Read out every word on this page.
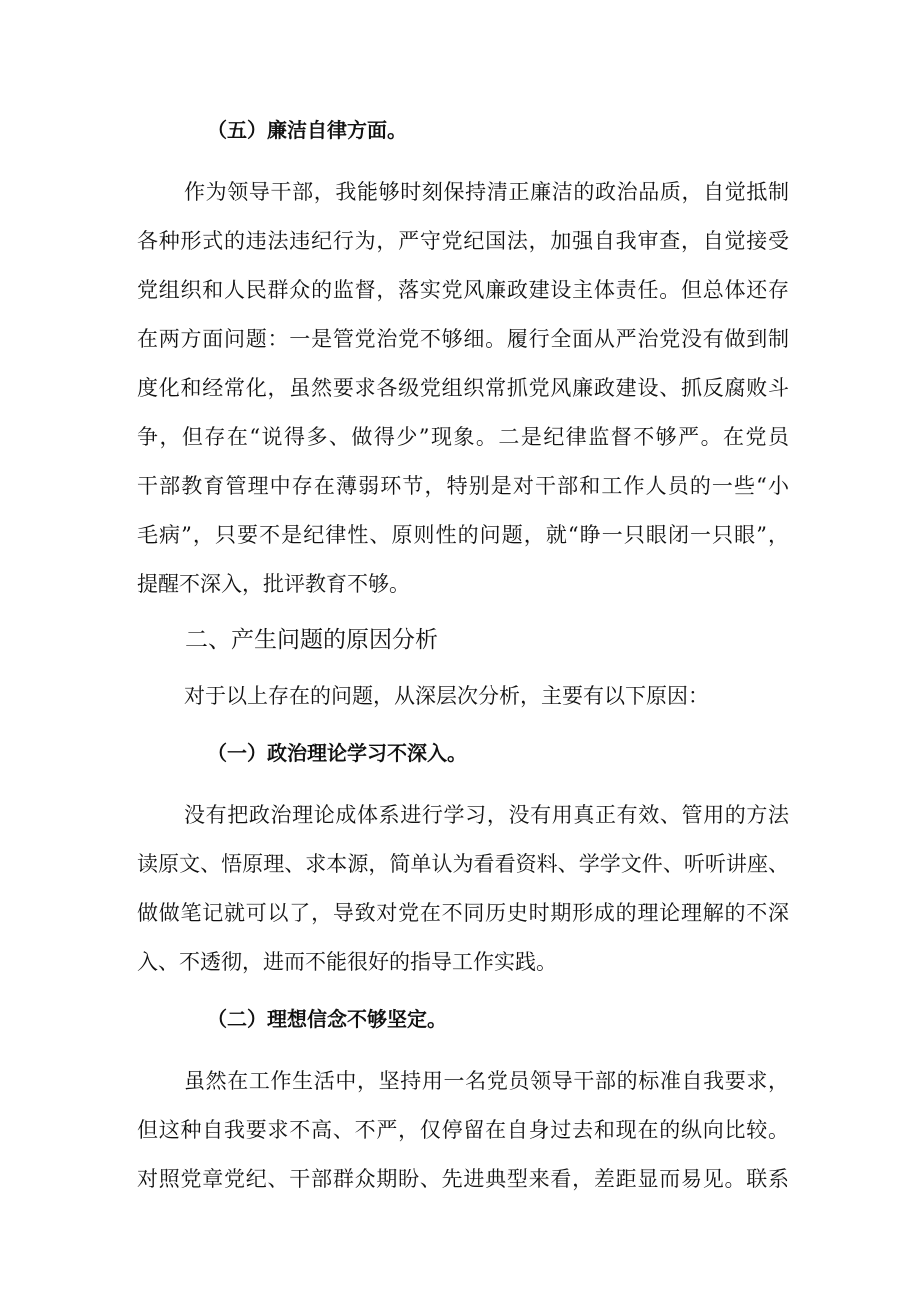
（五）廉洁自律方面。
作为领导干部，我能够时刻保持清正廉洁的政治品质，自觉抵制
各种形式的违法违纪行为，严守党纪国法，加强自我审查，自觉接受
党组织和人民群众的监督，落实党风廉政建设主体责任。但总体还存
在两方面问题：一是管党治党不够细。履行全面从严治党没有做到制
度化和经常化，虽然要求各级党组织常抓党风廉政建设、抓反腐败斗
争，但存在“说得多、做得少”现象。二是纪律监督不够严。在党员
干部教育管理中存在薄弱环节，特别是对干部和工作人员的一些“小
毛病”，只要不是纪律性、原则性的问题，就“睁一只眼闭一只眼”，
提醒不深入，批评教育不够。
二、产生问题的原因分析
对于以上存在的问题，从深层次分析，主要有以下原因：
（一）政治理论学习不深入。
没有把政治理论成体系进行学习，没有用真正有效、管用的方法
读原文、悟原理、求本源，简单认为看看资料、学学文件、听听讲座、
做做笔记就可以了，导致对党在不同历史时期形成的理论理解的不深
入、不透彻，进而不能很好的指导工作实践。
（二）理想信念不够坚定。
虽然在工作生活中，坚持用一名党员领导干部的标准自我要求，
但这种自我要求不高、不严，仅停留在自身过去和现在的纵向比较。
对照党章党纪、干部群众期盼、先进典型来看，差距显而易见。联系
